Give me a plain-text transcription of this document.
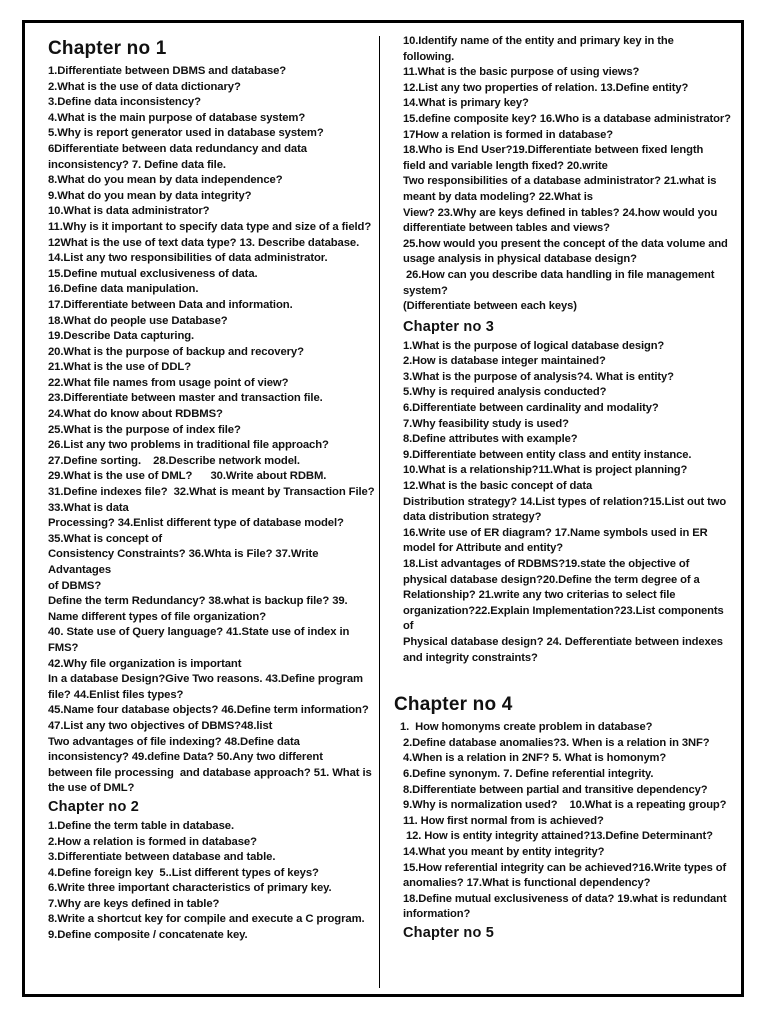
Chapter no 1
1.Differentiate between DBMS and database?
2.What is the use of data dictionary?
3.Define data inconsistency?
4.What is the main purpose of database system?
5.Why is report generator used in database system?
6Differentiate between data redundancy and data
inconsistency? 7. Define data file.
8.What do you mean by data independence?
9.What do you mean by data integrity?
10.What is data administrator?
11.Why is it important to specify data type and size of a field?
12What is the use of text data type? 13. Describe database.
14.List any two responsibilities of data administrator.
15.Define mutual exclusiveness of data.
16.Define data manipulation.
17.Differentiate between Data and information.
18.What do people use Database?
19.Describe Data capturing.
20.What is the purpose of backup and recovery?
21.What is the use of DDL?
22.What file names from usage point of view?
23.Differentiate between master and transaction file.
24.What do know about RDBMS?
25.What is the purpose of index file?
26.List any two problems in traditional file approach?
27.Define sorting.    28.Describe network model.
29.What is the use of DML?      30.Write about RDBM.
31.Define indexes file?  32.What is meant by Transaction File?
33.What is data
Processing? 34.Enlist different type of database model?
35.What is concept of
Consistency Constraints? 36.Whta is File? 37.Write Advantages
of DBMS?
Define the term Redundancy? 38.what is backup file? 39.
Name different types of file organization?
40. State use of Query language? 41.State use of index in FMS?
42.Why file organization is important
In a database Design?Give Two reasons. 43.Define program
file? 44.Enlist files types?
45.Name four database objects? 46.Define term information?
47.List any two objectives of DBMS?48.list
Two advantages of file indexing? 48.Define data
inconsistency? 49.define Data? 50.Any two different
between file processing  and database approach? 51. What is
the use of DML?
Chapter no 2
1.Define the term table in database.
2.How a relation is formed in database?
3.Differentiate between database and table.
4.Define foreign key  5..List different types of keys?
6.Write three important characteristics of primary key.
7.Why are keys defined in table?
8.Write a shortcut key for compile and execute a C program.
9.Define composite / concatenate key.
10.Identify name of the entity and primary key in the
following.
11.What is the basic purpose of using views?
12.List any two properties of relation. 13.Define entity?
14.What is primary key?
15.define composite key? 16.Who is a database administrator?
17How a relation is formed in database?
18.Who is End User?19.Differentiate between fixed length
field and variable length fixed? 20.write
Two responsibilities of a database administrator? 21.what is
meant by data modeling? 22.What is
View? 23.Why are keys defined in tables? 24.how would you
differentiate between tables and views?
25.how would you present the concept of the data volume and
usage analysis in physical database design?
26.How can you describe data handling in file management
system?
(Differentiate between each keys)
Chapter no 3
1.What is the purpose of logical database design?
2.How is database integer maintained?
3.What is the purpose of analysis?4. What is entity?
5.Why is required analysis conducted?
6.Differentiate between cardinality and modality?
7.Why feasibility study is used?
8.Define attributes with example?
9.Differentiate between entity class and entity instance.
10.What is a relationship?11.What is project planning?
12.What is the basic concept of data
Distribution strategy? 14.List types of relation?15.List out two
data distribution strategy?
16.Write use of ER diagram? 17.Name symbols used in ER
model for Attribute and entity?
18.List advantages of RDBMS?19.state the objective of
physical database design?20.Define the term degree of a
Relationship? 21.write any two criterias to select file
organization?22.Explain Implementation?23.List components
of
Physical database design? 24. Defferentiate between indexes
and integrity constraints?
Chapter no 4
1.  How homonyms create problem in database?
2.Define database anomalies?3. When is a relation in 3NF?
4.When is a relation in 2NF? 5. What is homonym?
6.Define synonym. 7. Define referential integrity.
8.Differentiate between partial and transitive dependency?
9.Why is normalization used?    10.What is a repeating group?
11. How first normal from is achieved?
12. How is entity integrity attained?13.Define Determinant?
14.What you meant by entity integrity?
15.How referential integrity can be achieved?16.Write types of
anomalies? 17.What is functional dependency?
18.Define mutual exclusiveness of data? 19.what is redundant
information?
Chapter no 5
